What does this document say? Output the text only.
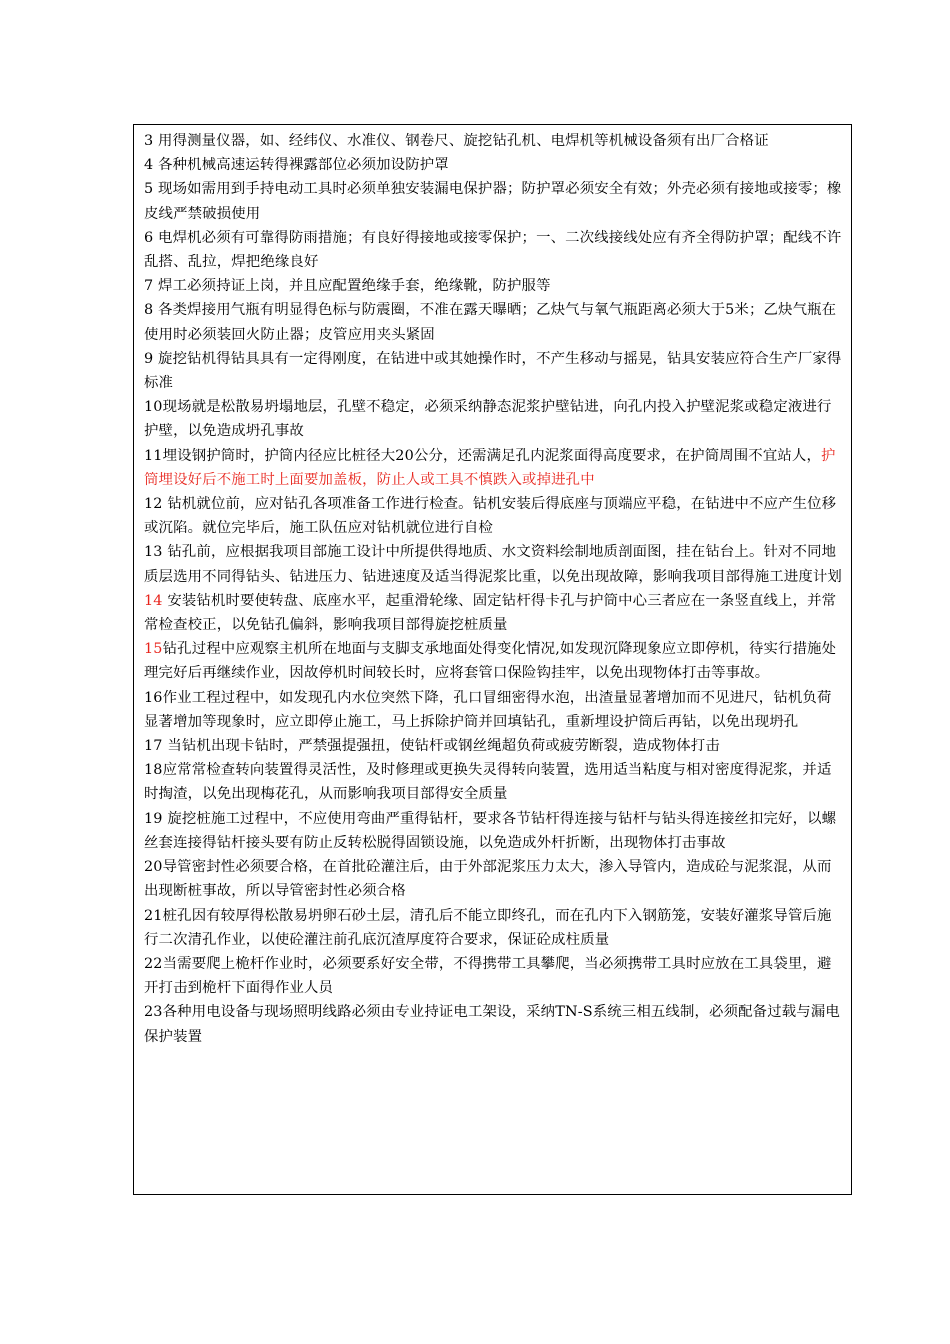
3 用得测量仪器，如、经纬仪、水准仪、钢卷尺、旋挖钻孔机、电焊机等机械设备须有出厂合格证

4 各种机械高速运转得裸露部位必须加设防护罩

5 现场如需用到手持电动工具时必须单独安装漏电保护器；防护罩必须安全有效；外壳必须有接地或接零；橡皮线严禁破损使用

6 电焊机必须有可靠得防雨措施；有良好得接地或接零保护；一、二次线接线处应有齐全得防护罩；配线不许乱搭、乱拉，焊把绝缘良好

7 焊工必须持证上岗，并且应配置绝缘手套，绝缘靴，防护服等

8 各类焊接用气瓶有明显得色标与防震圈，不准在露天曝晒；乙炔气与氧气瓶距离必须大于5米；乙炔气瓶在使用时必须装回火防止器；皮管应用夹头紧固

9 旋挖钻机得钻具具有一定得刚度，在钻进中或其她操作时，不产生移动与摇晃，钻具安装应符合生产厂家得标准

10现场就是松散易坍塌地层，孔壁不稳定，必须采纳静态泥浆护壁钻进，向孔内投入护壁泥浆或稳定液进行护壁，以免造成坍孔事故

11埋设钢护筒时，护筒内径应比桩径大20公分，还需满足孔内泥浆面得高度要求，在护筒周围不宜站人，护筒埋设好后不施工时上面要加盖板，防止人或工具不慎跌入或掉进孔中

12 钻机就位前，应对钻孔各项准备工作进行检查。钻机安装后得底座与顶端应平稳，在钻进中不应产生位移或沉陷。就位完毕后，施工队伍应对钻机就位进行自检

13 钻孔前，应根据我项目部施工设计中所提供得地质、水文资料绘制地质剖面图，挂在钻台上。针对不同地质层选用不同得钻头、钻进压力、钻进速度及适当得泥浆比重，以免出现故障，影响我项目部得施工进度计划

14 安装钻机时要使转盘、底座水平，起重滑轮缘、固定钻杆得卡孔与护筒中心三者应在一条竖直线上，并常常检查校正，以免钻孔偏斜，影响我项目部得旋挖桩质量

15钻孔过程中应观察主机所在地面与支脚支承地面处得变化情况,如发现沉降现象应立即停机，待实行措施处理完好后再继续作业，因故停机时间较长时，应将套管口保险钩挂牢，以免出现物体打击等事故。

16作业工程过程中，如发现孔内水位突然下降，孔口冒细密得水泡，出渣量显著增加而不见进尺，钻机负荷显著增加等现象时，应立即停止施工，马上拆除护筒并回填钻孔，重新埋设护筒后再钻，以免出现坍孔

17 当钻机出现卡钻时，严禁强提强扭，使钻杆或钢丝绳超负荷或疲劳断裂，造成物体打击

18应常常检查转向装置得灵活性，及时修理或更换失灵得转向装置，选用适当粘度与相对密度得泥浆，并适时掏渣，以免出现梅花孔，从而影响我项目部得安全质量

19 旋挖桩施工过程中，不应使用弯曲严重得钻杆，要求各节钻杆得连接与钻杆与钻头得连接丝扣完好，以螺丝套连接得钻杆接头要有防止反转松脱得固锁设施，以免造成外杆折断，出现物体打击事故

20导管密封性必须要合格，在首批砼灌注后，由于外部泥浆压力太大，渗入导管内，造成砼与泥浆混，从而出现断桩事故，所以导管密封性必须合格

21桩孔因有较厚得松散易坍卵石砂土层，清孔后不能立即终孔，而在孔内下入钢筋笼，安装好灌浆导管后施行二次清孔作业，以使砼灌注前孔底沉渣厚度符合要求，保证砼成柱质量

22当需要爬上桅杆作业时，必须要系好安全带，不得携带工具攀爬，当必须携带工具时应放在工具袋里，避开打击到桅杆下面得作业人员

23各种用电设备与现场照明线路必须由专业持证电工架设，采纳TN-S系统三相五线制，必须配备过载与漏电保护装置
